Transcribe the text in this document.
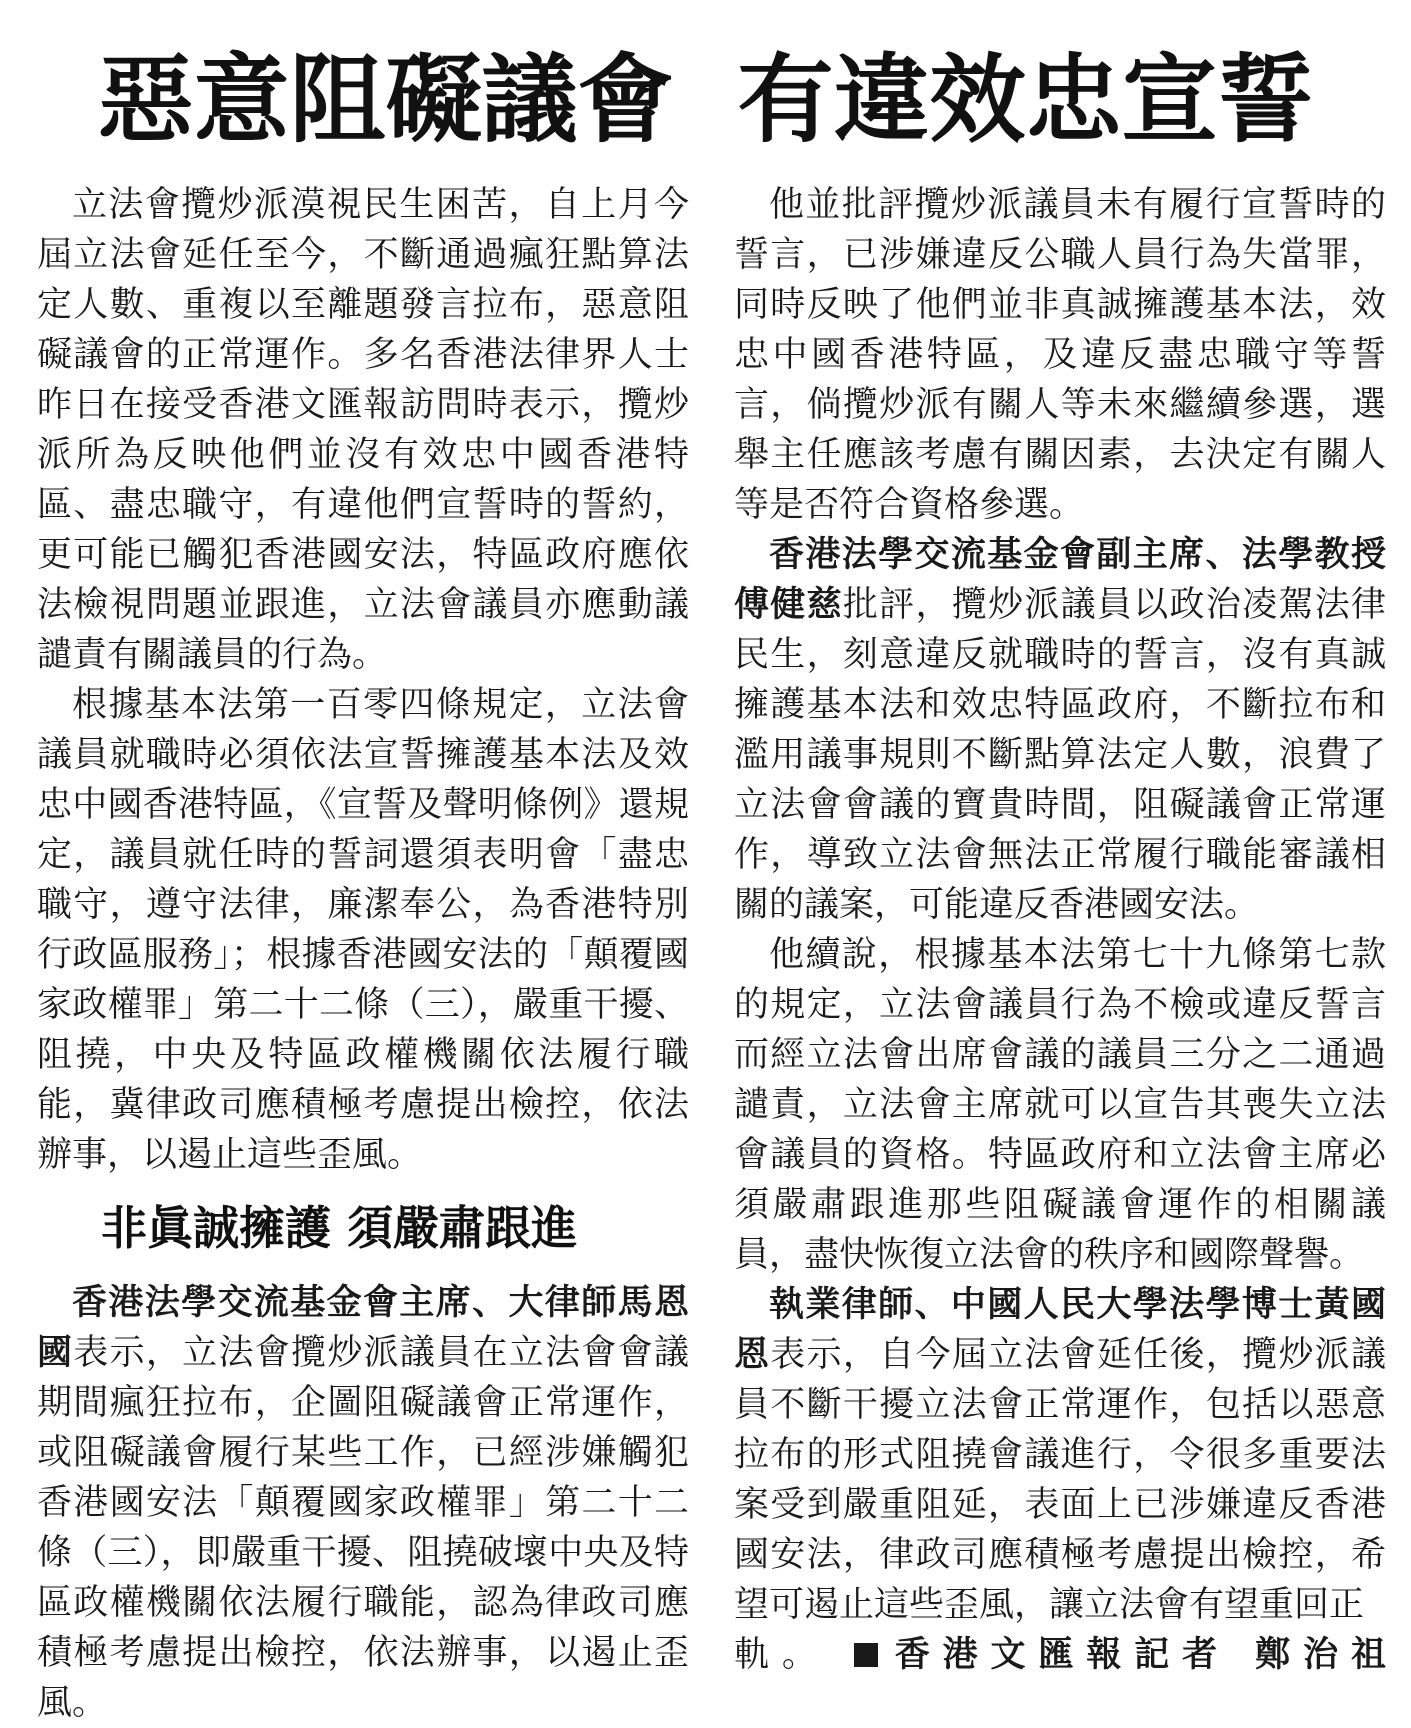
惡意阻礙議會 有違效忠宣誓

立法會攬炒派漠視民生困苦，自上月今屆立法會延任至今，不斷通過瘋狂點算法定人數、重複以至離題發言拉布，惡意阻礙議會的正常運作。多名香港法律界人士昨日在接受香港文匯報訪問時表示，攬炒派所為反映他們並沒有效忠中國香港特區、盡忠職守，有違他們宣誓時的誓約，更可能已觸犯香港國安法，特區政府應依法檢視問題並跟進，立法會議員亦應動議譴責有關議員的行為。

根據基本法第一百零四條規定，立法會議員就職時必須依法宣誓擁護基本法及效忠中國香港特區，《宣誓及聲明條例》還規定，議員就任時的誓詞還須表明會「盡忠職守，遵守法律，廉潔奉公，為香港特別行政區服務」；根據香港國安法的「顛覆國家政權罪」第二十二條（三），嚴重干擾、阻撓，中央及特區政權機關依法履行職能，冀律政司應積極考慮提出檢控，依法辦事，以遏止這些歪風。

非眞誠擁護 須嚴肅跟進

香港法學交流基金會主席、大律師馬恩國表示，立法會攬炒派議員在立法會會議期間瘋狂拉布，企圖阻礙議會正常運作，或阻礙議會履行某些工作，已經涉嫌觸犯香港國安法「顛覆國家政權罪」第二十二條（三），即嚴重干擾、阻撓破壞中央及特區政權機關依法履行職能，認為律政司應積極考慮提出檢控，依法辦事，以遏止歪風。

他並批評攬炒派議員未有履行宣誓時的誓言，已涉嫌違反公職人員行為失當罪，同時反映了他們並非真誠擁護基本法，效忠中國香港特區，及違反盡忠職守等誓言，倘攬炒派有關人等未來繼續參選，選舉主任應該考慮有關因素，去決定有關人等是否符合資格參選。

香港法學交流基金會副主席、法學教授傅健慈批評，攬炒派議員以政治凌駕法律民生，刻意違反就職時的誓言，沒有真誠擁護基本法和效忠特區政府，不斷拉布和濫用議事規則不斷點算法定人數，浪費了立法會會議的寶貴時間，阻礙議會正常運作，導致立法會無法正常履行職能審議相關的議案，可能違反香港國安法。

他續說，根據基本法第七十九條第七款的規定，立法會議員行為不檢或違反誓言而經立法會出席會議的議員三分之二通過譴責，立法會主席就可以宣告其喪失立法會議員的資格。特區政府和立法會主席必須嚴肅跟進那些阻礙議會運作的相關議員，盡快恢復立法會的秩序和國際聲譽。

執業律師、中國人民大學法學博士黃國恩表示，自今屆立法會延任後，攬炒派議員不斷干擾立法會正常運作，包括以惡意拉布的形式阻撓會議進行，令很多重要法案受到嚴重阻延，表面上已涉嫌違反香港國安法，律政司應積極考慮提出檢控，希望可遏止這些歪風，讓立法會有望重回正

軌。 香港文匯報記者 鄭治祖
